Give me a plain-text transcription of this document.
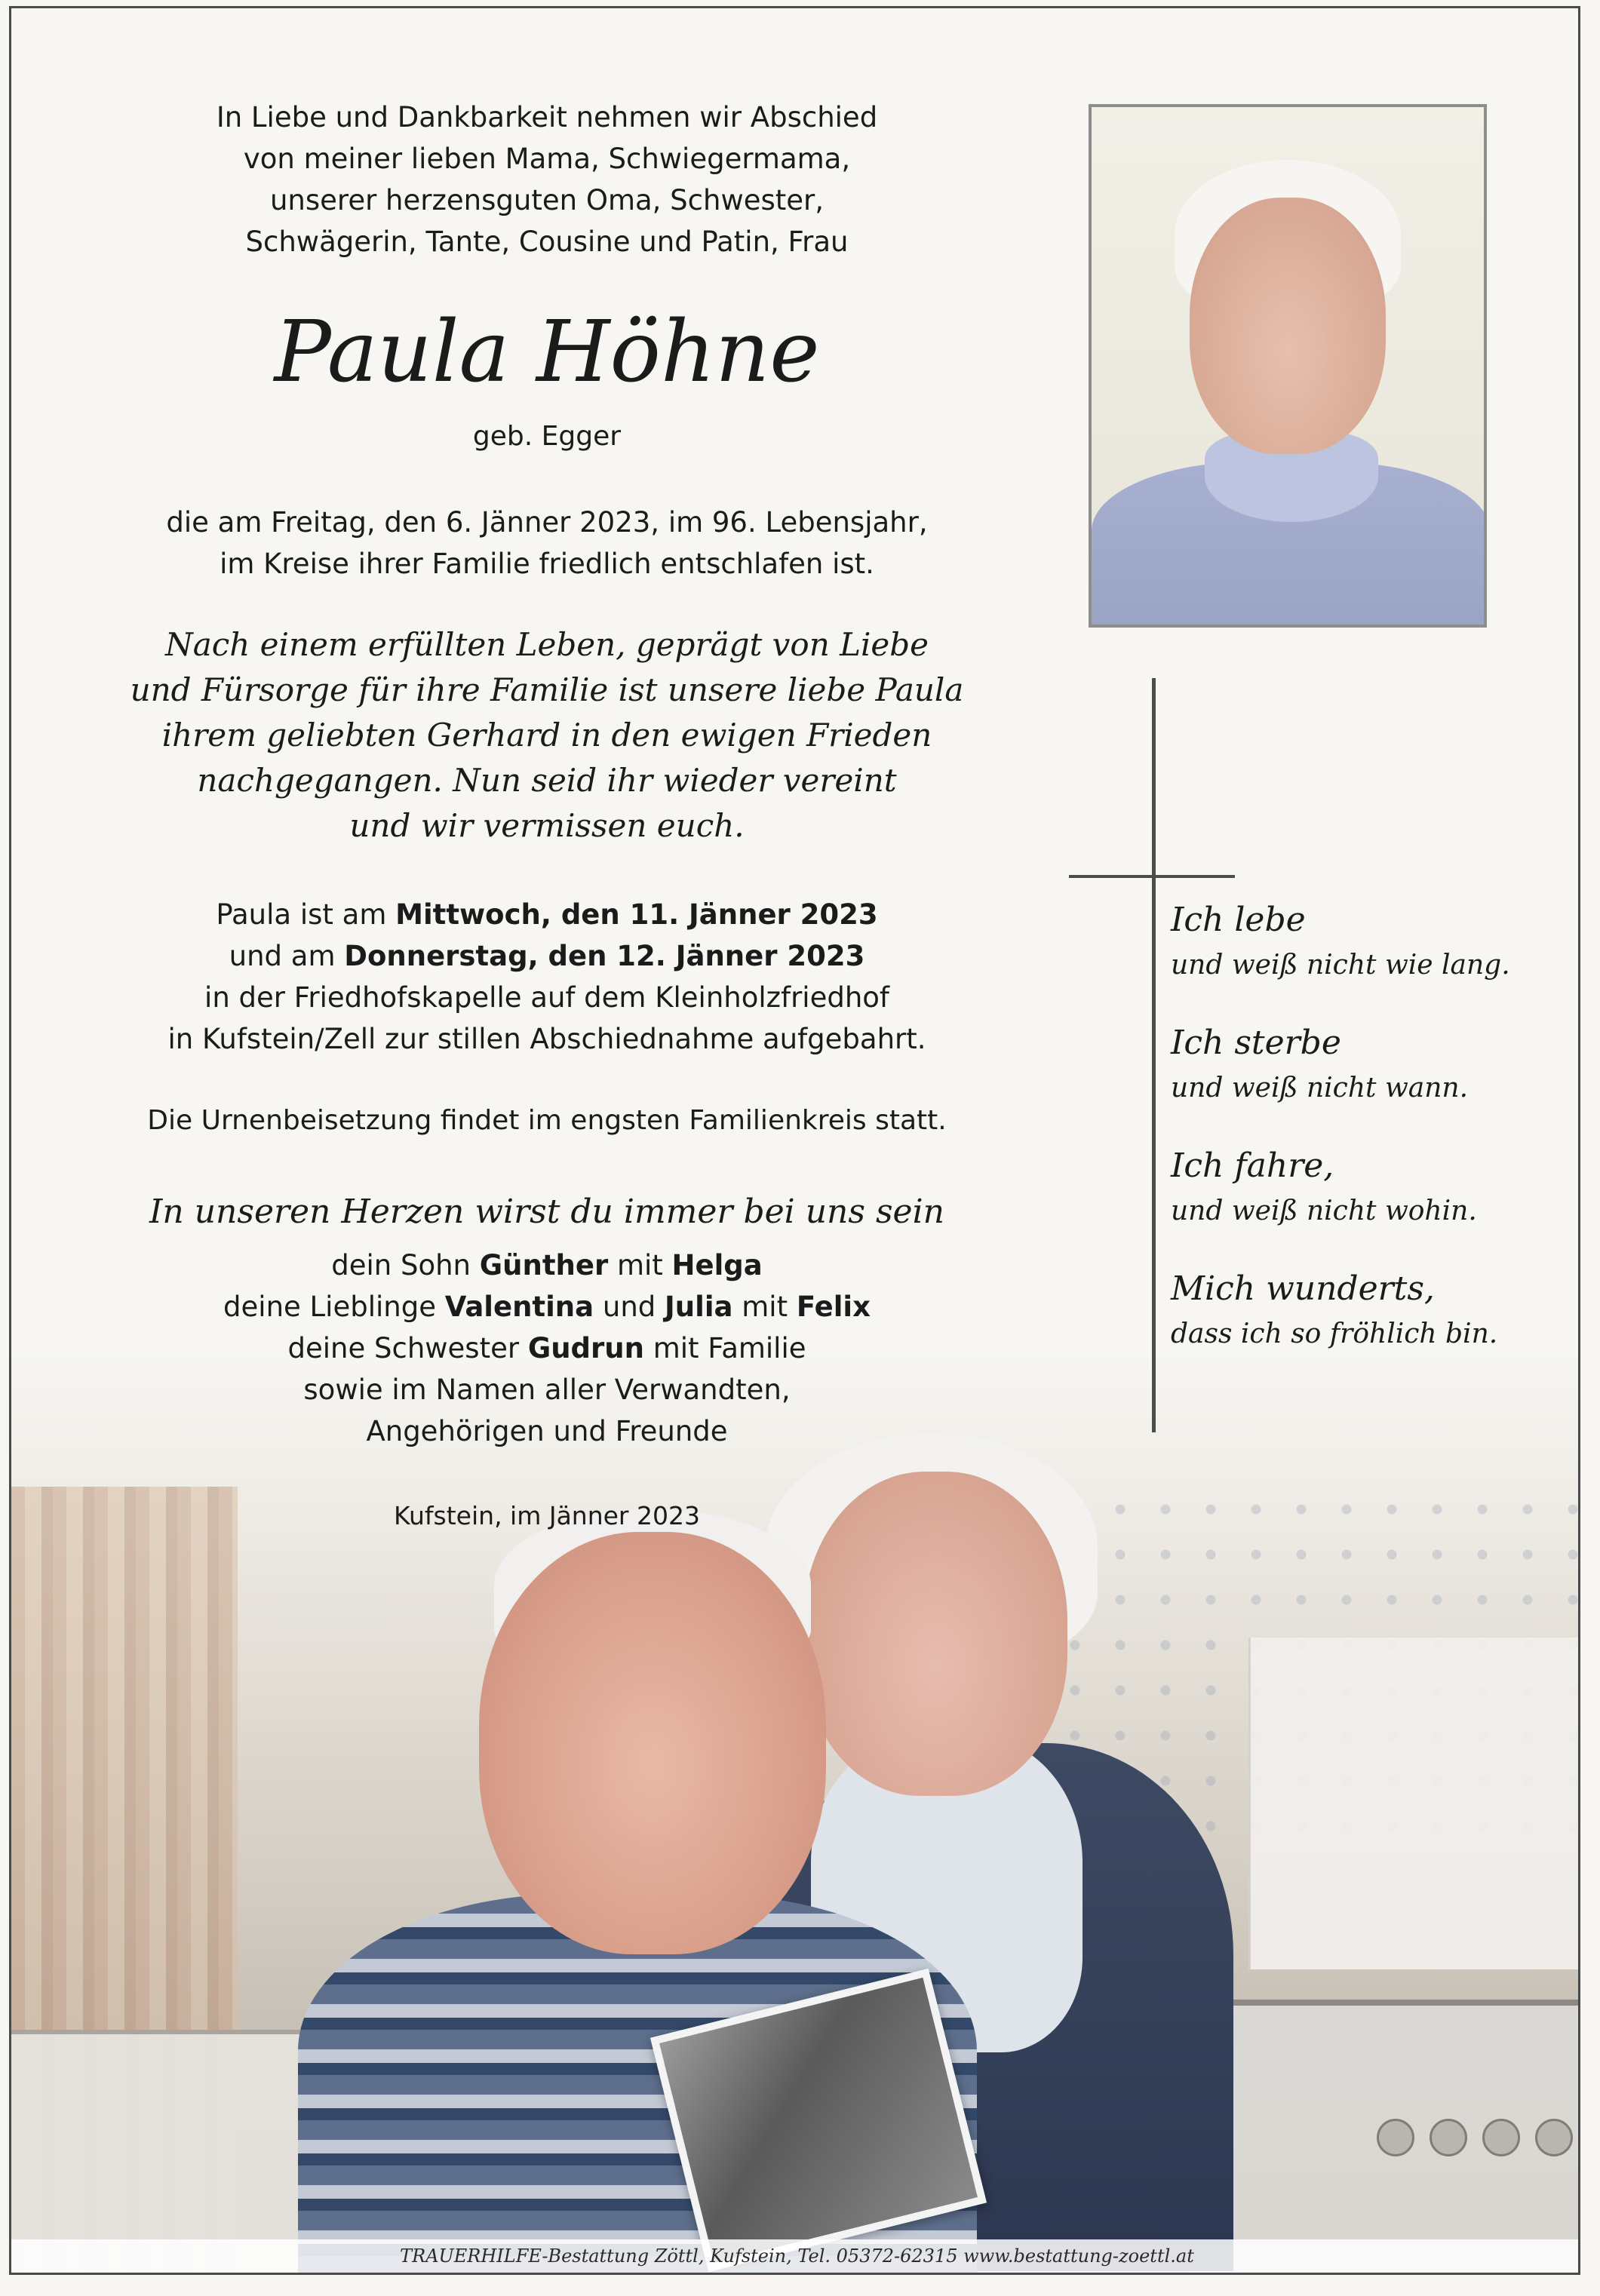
In Liebe und Dankbarkeit nehmen wir Abschied
von meiner lieben Mama, Schwiegermama,
unserer herzensguten Oma, Schwester,
Schwägerin, Tante, Cousine und Patin, Frau
Paula Höhne
geb. Egger
die am Freitag, den 6. Jänner 2023, im 96. Lebensjahr,
im Kreise ihrer Familie friedlich entschlafen ist.
Nach einem erfüllten Leben, geprägt von Liebe
und Fürsorge für ihre Familie ist unsere liebe Paula
ihrem geliebten Gerhard in den ewigen Frieden
nachgegangen. Nun seid ihr wieder vereint
und wir vermissen euch.
Paula ist am Mittwoch, den 11. Jänner 2023
und am Donnerstag, den 12. Jänner 2023
in der Friedhofskapelle auf dem Kleinholzfriedhof
in Kufstein/Zell zur stillen Abschiednahme aufgebahrt.
Die Urnenbeisetzung findet im engsten Familienkreis statt.
In unseren Herzen wirst du immer bei uns sein
dein Sohn Günther mit Helga
deine Lieblinge Valentina und Julia mit Felix
deine Schwester Gudrun mit Familie
sowie im Namen aller Verwandten,
Angehörigen und Freunde
Kufstein, im Jänner 2023
Ich lebe
und weiß nicht wie lang.
Ich sterbe
und weiß nicht wann.
Ich fahre,
und weiß nicht wohin.
Mich wunderts,
dass ich so fröhlich bin.
TRAUERHILFE-Bestattung Zöttl, Kufstein, Tel. 05372-62315 www.bestattung-zoettl.at
